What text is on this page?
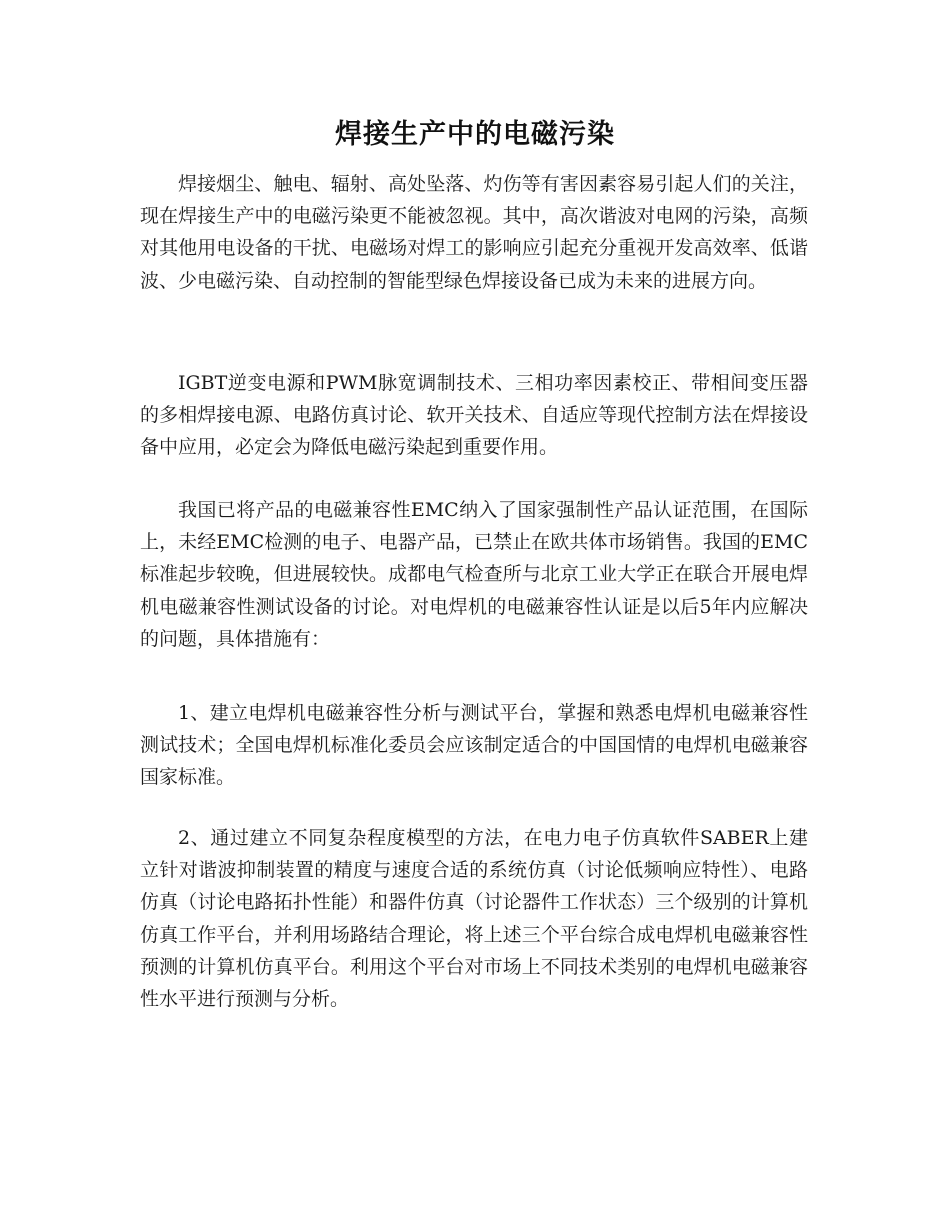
焊接生产中的电磁污染

焊接烟尘、触电、辐射、高处坠落、灼伤等有害因素容易引起人们的关注，现在焊接生产中的电磁污染更不能被忽视。其中，高次谐波对电网的污染，高频对其他用电设备的干扰、电磁场对焊工的影响应引起充分重视开发高效率、低谐波、少电磁污染、自动控制的智能型绿色焊接设备已成为未来的进展方向。

IGBT逆变电源和PWM脉宽调制技术、三相功率因素校正、带相间变压器的多相焊接电源、电路仿真讨论、软开关技术、自适应等现代控制方法在焊接设备中应用，必定会为降低电磁污染起到重要作用。

我国已将产品的电磁兼容性EMC纳入了国家强制性产品认证范围，在国际上，未经EMC检测的电子、电器产品，已禁止在欧共体市场销售。我国的EMC标准起步较晚，但进展较快。成都电气检查所与北京工业大学正在联合开展电焊机电磁兼容性测试设备的讨论。对电焊机的电磁兼容性认证是以后5年内应解决的问题，具体措施有：

1、建立电焊机电磁兼容性分析与测试平台，掌握和熟悉电焊机电磁兼容性测试技术；全国电焊机标准化委员会应该制定适合的中国国情的电焊机电磁兼容国家标准。

2、通过建立不同复杂程度模型的方法，在电力电子仿真软件SABER上建立针对谐波抑制装置的精度与速度合适的系统仿真（讨论低频响应特性）、电路仿真（讨论电路拓扑性能）和器件仿真（讨论器件工作状态）三个级别的计算机仿真工作平台，并利用场路结合理论，将上述三个平台综合成电焊机电磁兼容性预测的计算机仿真平台。利用这个平台对市场上不同技术类别的电焊机电磁兼容性水平进行预测与分析。
